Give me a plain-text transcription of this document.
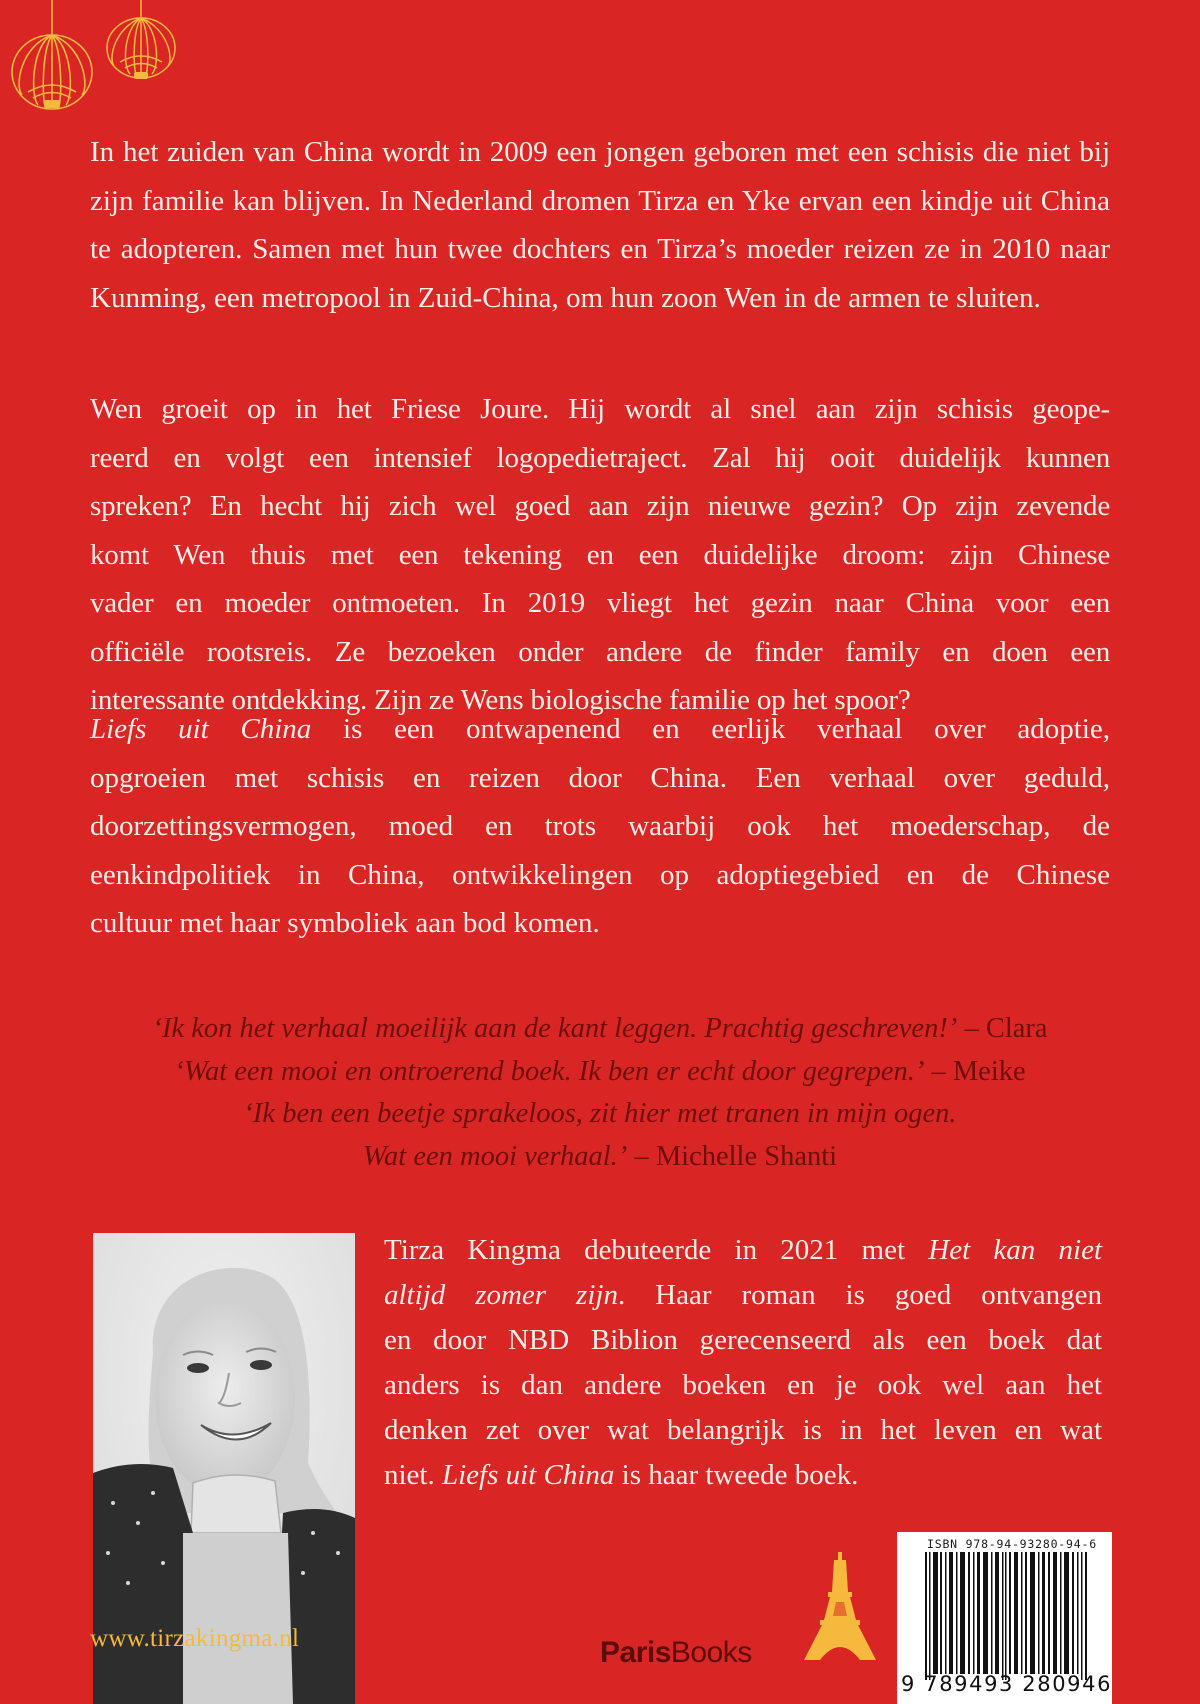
In het zuiden van China wordt in 2009 een jongen geboren met een schisis die niet bij zijn familie kan blijven. In Nederland dromen Tirza en Yke ervan een kindje uit China te adopteren. Samen met hun twee dochters en Tirza’s moeder reizen ze in 2010 naar Kunming, een metropool in Zuid-China, om hun zoon Wen in de armen te sluiten.
Wen groeit op in het Friese Joure. Hij wordt al snel aan zijn schisis geope-
reerd en volgt een intensief logopedietraject. Zal hij ooit duidelijk kunnen
spreken? En hecht hij zich wel goed aan zijn nieuwe gezin? Op zijn zevende
komt Wen thuis met een tekening en een duidelijke droom: zijn Chinese
vader en moeder ontmoeten. In 2019 vliegt het gezin naar China voor een
officiële rootsreis. Ze bezoeken onder andere de finder family en doen een
interessante ontdekking. Zijn ze Wens biologische familie op het spoor?
Liefs uit China is een ontwapenend en eerlijk verhaal over adoptie,
opgroeien met schisis en reizen door China. Een verhaal over geduld,
doorzettingsvermogen, moed en trots waarbij ook het moederschap, de
eenkindpolitiek in China, ontwikkelingen op adoptiegebied en de Chinese
cultuur met haar symboliek aan bod komen.
‘Ik kon het verhaal moeilijk aan de kant leggen. Prachtig geschreven!’ – Clara
‘Wat een mooi en ontroerend boek. Ik ben er echt door gegrepen.’ – Meike
‘Ik ben een beetje sprakeloos, zit hier met tranen in mijn ogen.
Wat een mooi verhaal.’ – Michelle Shanti
Tirza Kingma debuteerde in 2021 met Het kan niet
altijd zomer zijn. Haar roman is goed ontvangen
en door NBD Biblion gerecenseerd als een boek dat
anders is dan andere boeken en je ook wel aan het
denken zet over wat belangrijk is in het leven en wat
niet. Liefs uit China is haar tweede boek.
www.tirzakingma.nl	ParisBooks
ISBN 978-94-93280-94-6
9 789493 280946
